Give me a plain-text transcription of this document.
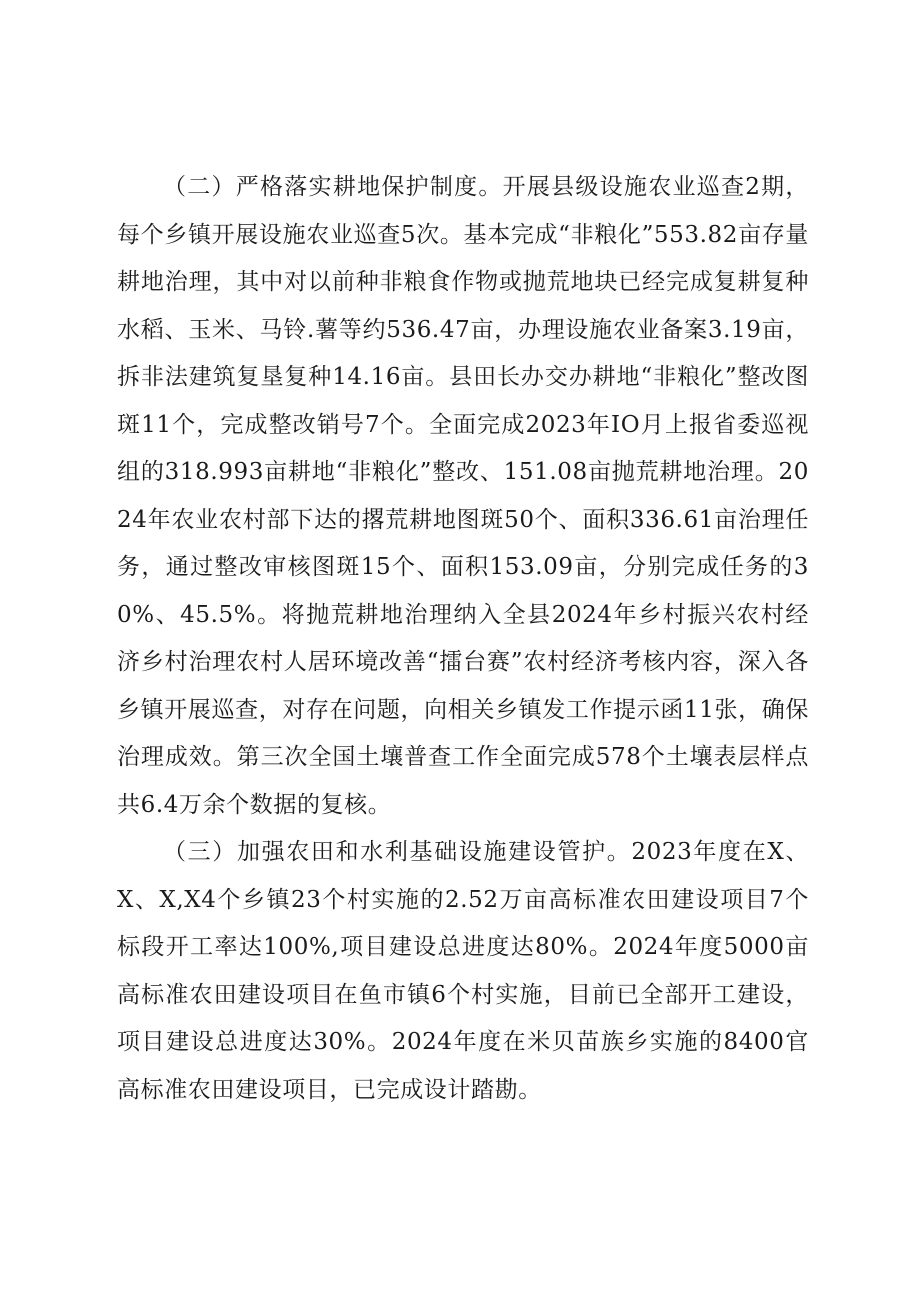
（二）严格落实耕地保护制度。开展县级设施农业巡查2期，每个乡镇开展设施农业巡查5次。基本完成“非粮化”553.82亩存量耕地治理，其中对以前种非粮食作物或抛荒地块已经完成复耕复种水稻、玉米、马铃.薯等约536.47亩，办理设施农业备案3.19亩，拆非法建筑复垦复种14.16亩。县田长办交办耕地“非粮化”整改图斑11个，完成整改销号7个。全面完成2023年IO月上报省委巡视组的318.993亩耕地“非粮化”整改、151.08亩抛荒耕地治理。2024年农业农村部下达的撂荒耕地图斑50个、面积336.61亩治理任务，通过整改审核图斑15个、面积153.09亩，分别完成任务的30%、45.5%。将抛荒耕地治理纳入全县2024年乡村振兴农村经济乡村治理农村人居环境改善“擂台赛”农村经济考核内容，深入各乡镇开展巡查，对存在问题，向相关乡镇发工作提示函11张，确保治理成效。第三次全国土壤普查工作全面完成578个土壤表层样点共6.4万余个数据的复核。

（三）加强农田和水利基础设施建设管护。2023年度在X、X、X,X4个乡镇23个村实施的2.52万亩高标准农田建设项目7个标段开工率达100%,项目建设总进度达80%。2024年度5000亩高标准农田建设项目在鱼市镇6个村实施，目前已全部开工建设，项目建设总进度达30%。2024年度在米贝苗族乡实施的8400官高标准农田建设项目，已完成设计踏勘。
